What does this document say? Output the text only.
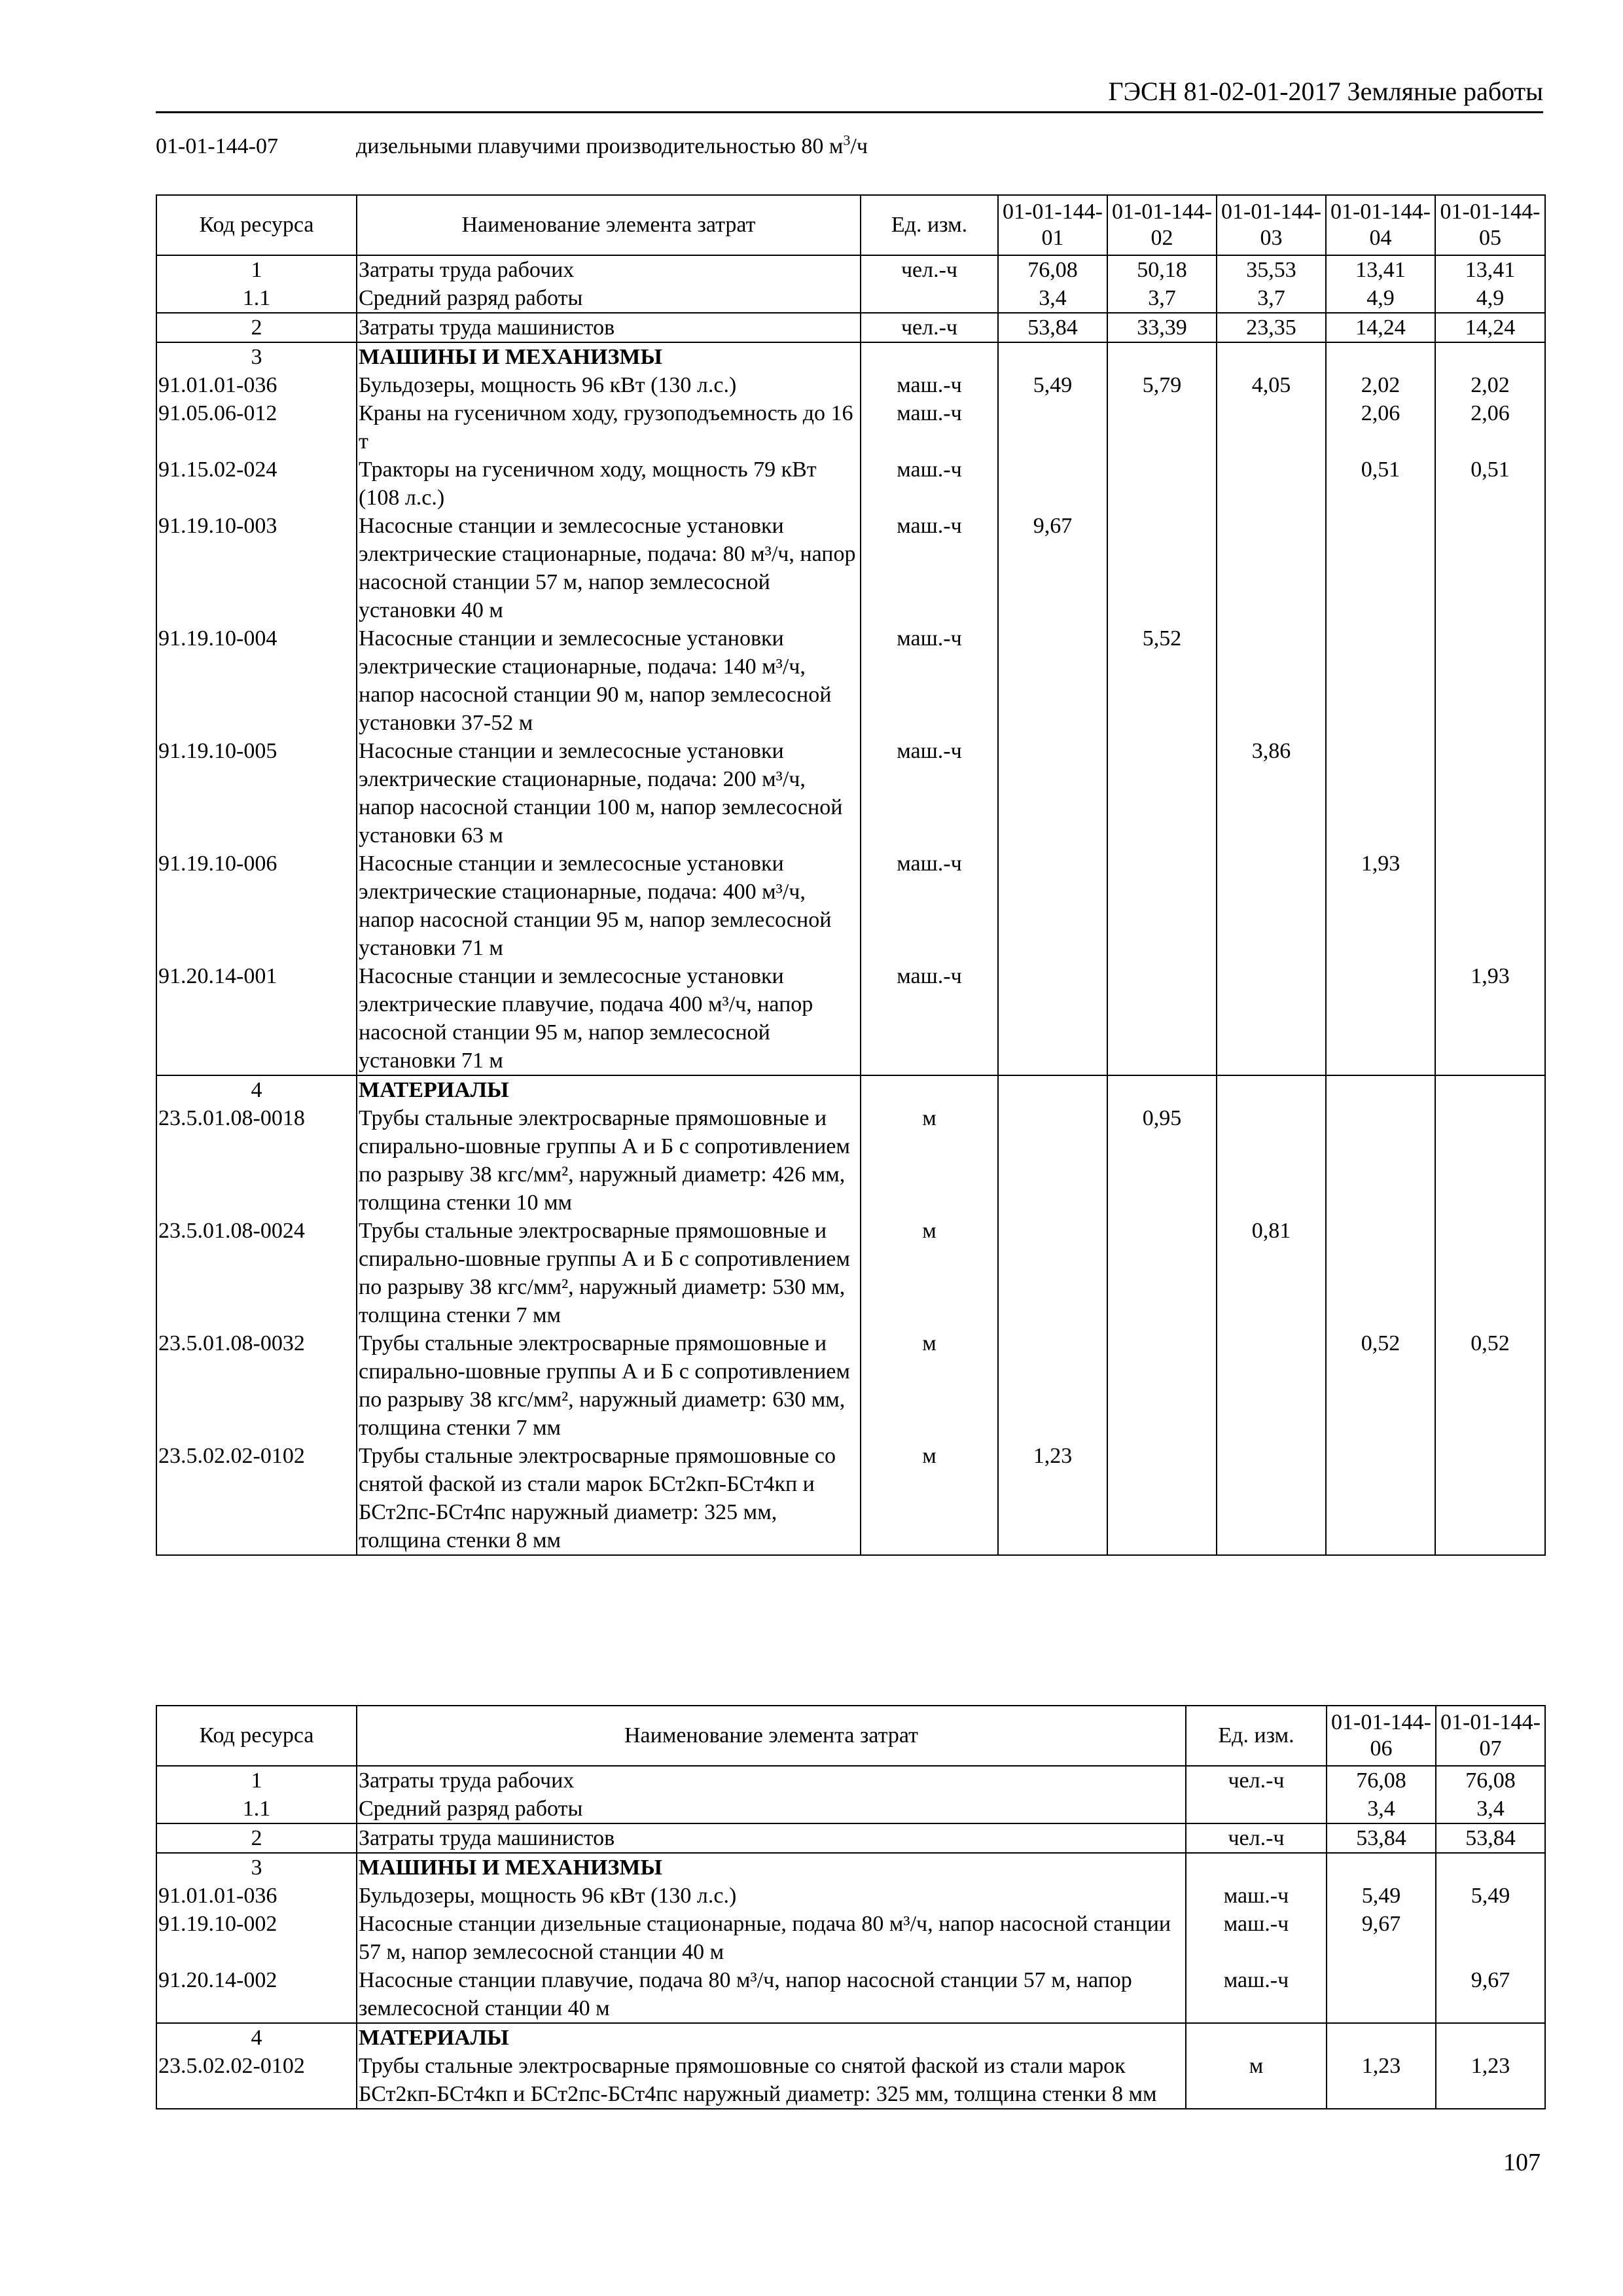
ГЭСН 81-02-01-2017 Земляные работы
01-01-144-07	дизельными плавучими производительностью 80 $м^3/ч$
Код ресурса	Наименование элемента затрат	Ед. изм.	01-01-144-01	01-01-144-02	01-01-144-03	01-01-144-04	01-01-144-05
1	Затраты труда рабочих	чел.-ч	76,08	50,18	35,53	13,41	13,41
1.1	Средний разряд работы		3,4	3,7	3,7	4,9	4,9
2	Затраты труда машинистов	чел.-ч	53,84	33,39	23,35	14,24	14,24
3	МАШИНЫ И МЕХАНИЗМЫ						
91.01.01-036	Бульдозеры, мощность 96 кВт (130 л.с.)	маш.-ч	5,49	5,79	4,05	2,02	2,02
91.05.06-012	Краны на гусеничном ходу, грузоподъемность до 16 т	маш.-ч				2,06	2,06
91.15.02-024	Тракторы на гусеничном ходу, мощность 79 кВт (108 л.с.)	маш.-ч				0,51	0,51
91.19.10-003	Насосные станции и землесосные установки электрические стационарные, подача: 80 м³/ч, напор насосной станции 57 м, напор землесосной установки 40 м	маш.-ч	9,67				
91.19.10-004	Насосные станции и землесосные установки электрические стационарные, подача: 140 м³/ч, напор насосной станции 90 м, напор землесосной установки 37-52 м	маш.-ч		5,52			
91.19.10-005	Насосные станции и землесосные установки электрические стационарные, подача: 200 м³/ч, напор насосной станции 100 м, напор землесосной установки 63 м	маш.-ч			3,86		
91.19.10-006	Насосные станции и землесосные установки электрические стационарные, подача: 400 м³/ч, напор насосной станции 95 м, напор землесосной установки 71 м	маш.-ч				1,93	
91.20.14-001	Насосные станции и землесосные установки электрические плавучие, подача 400 м³/ч, напор насосной станции 95 м, напор землесосной установки 71 м	маш.-ч					1,93
4	МАТЕРИАЛЫ						
23.5.01.08-0018	Трубы стальные электросварные прямошовные и спирально-шовные группы А и Б с сопротивлением по разрыву 38 кгс/мм², наружный диаметр: 426 мм, толщина стенки 10 мм	м		0,95			
23.5.01.08-0024	Трубы стальные электросварные прямошовные и спирально-шовные группы А и Б с сопротивлением по разрыву 38 кгс/мм², наружный диаметр: 530 мм, толщина стенки 7 мм	м			0,81		
23.5.01.08-0032	Трубы стальные электросварные прямошовные и спирально-шовные группы А и Б с сопротивлением по разрыву 38 кгс/мм², наружный диаметр: 630 мм, толщина стенки 7 мм	м				0,52	0,52
23.5.02.02-0102	Трубы стальные электросварные прямошовные со снятой фаской из стали марок БСт2кп-БСт4кп и БСт2пс-БСт4пс наружный диаметр: 325 мм, толщина стенки 8 мм	м	1,23				
Код ресурса	Наименование элемента затрат	Ед. изм.	01-01-144-06	01-01-144-07
1	Затраты труда рабочих	чел.-ч	76,08	76,08
1.1	Средний разряд работы		3,4	3,4
2	Затраты труда машинистов	чел.-ч	53,84	53,84
3	МАШИНЫ И МЕХАНИЗМЫ			
91.01.01-036	Бульдозеры, мощность 96 кВт (130 л.с.)	маш.-ч	5,49	5,49
91.19.10-002	Насосные станции дизельные стационарные, подача 80 м³/ч, напор насосной станции 57 м, напор землесосной станции 40 м	маш.-ч	9,67	
91.20.14-002	Насосные станции плавучие, подача 80 м³/ч, напор насосной станции 57 м, напор землесосной станции 40 м	маш.-ч		9,67
4	МАТЕРИАЛЫ			
23.5.02.02-0102	Трубы стальные электросварные прямошовные со снятой фаской из стали марок БСт2кп-БСт4кп и БСт2пс-БСт4пс наружный диаметр: 325 мм, толщина стенки 8 мм	м	1,23	1,23
107
